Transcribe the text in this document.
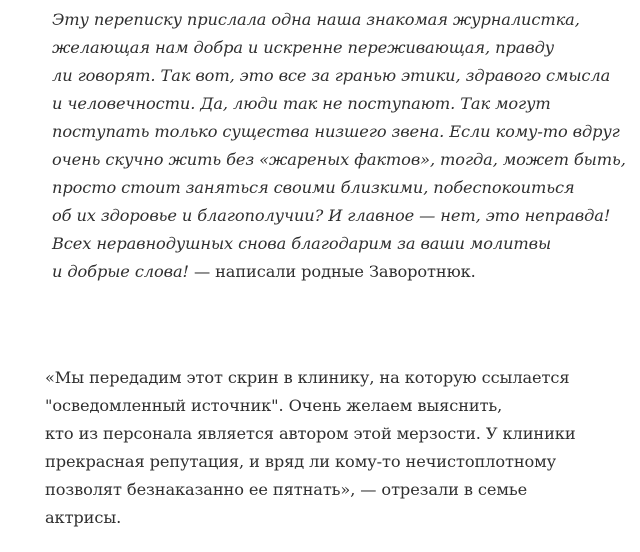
Эту переписку прислала одна наша знакомая журналистка,
желающая нам добра и искренне переживающая, правду
ли говорят. Так вот, это все за гранью этики, здравого смысла
и человечности. Да, люди так не поступают. Так могут
поступать только существа низшего звена. Если кому-то вдруг
очень скучно жить без «жареных фактов», тогда, может быть,
просто стоит заняться своими близкими, побеспокоиться
об их здоровье и благополучии? И главное — нет, это неправда!
Всех неравнодушных снова благодарим за ваши молитвы
и добрые слова! — написали родные Заворотнюк.

«Мы передадим этот скрин в клинику, на которую ссылается
"осведомленный источник". Очень желаем выяснить,
кто из персонала является автором этой мерзости. У клиники
прекрасная репутация, и вряд ли кому-то нечистоплотному
позволят безнаказанно ее пятнать», — отрезали в семье
актрисы.
